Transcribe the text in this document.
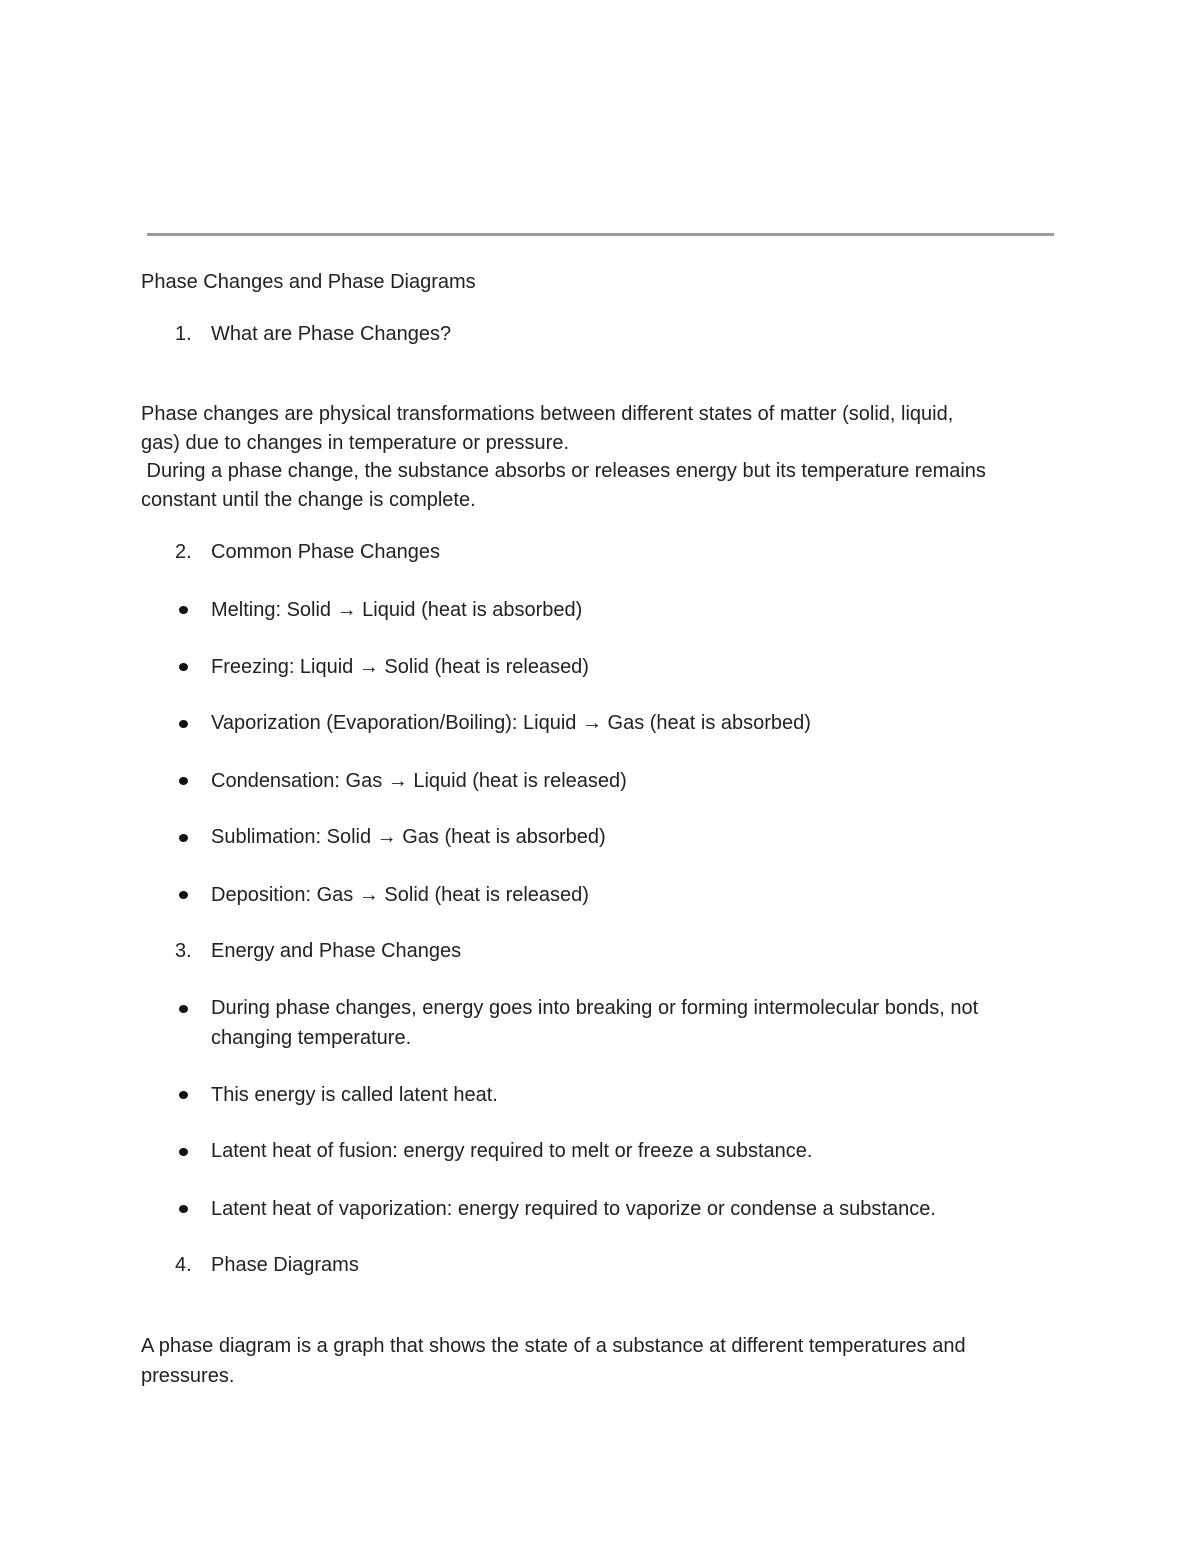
Phase Changes and Phase Diagrams
1. What are Phase Changes?
Phase changes are physical transformations between different states of matter (solid, liquid,
gas) due to changes in temperature or pressure.
During a phase change, the substance absorbs or releases energy but its temperature remains
constant until the change is complete.
2. Common Phase Changes
Melting: Solid → Liquid (heat is absorbed)
Freezing: Liquid → Solid (heat is released)
Vaporization (Evaporation/Boiling): Liquid → Gas (heat is absorbed)
Condensation: Gas → Liquid (heat is released)
Sublimation: Solid → Gas (heat is absorbed)
Deposition: Gas → Solid (heat is released)
3. Energy and Phase Changes
During phase changes, energy goes into breaking or forming intermolecular bonds, not
changing temperature.
This energy is called latent heat.
Latent heat of fusion: energy required to melt or freeze a substance.
Latent heat of vaporization: energy required to vaporize or condense a substance.
4. Phase Diagrams
A phase diagram is a graph that shows the state of a substance at different temperatures and
pressures.
